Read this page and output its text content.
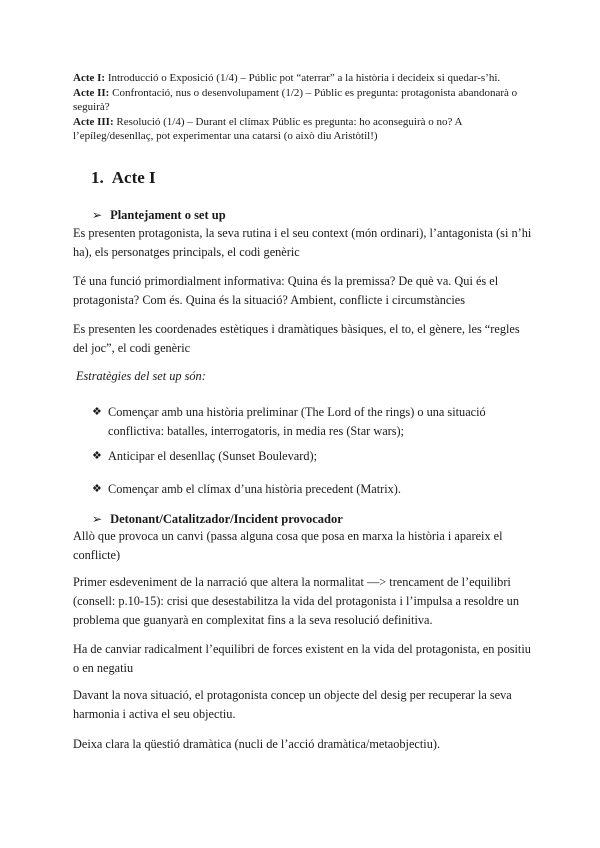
Acte I: Introducció o Exposició (1/4) – Públic pot “aterrar” a la història i decideix si quedar-s’hi.

Acte II: Confrontació, nus o desenvolupament (1/2) – Públic es pregunta: protagonista abandonarà o seguirà?

Acte III: Resolució (1/4) – Durant el clímax Públic es pregunta: ho aconseguirà o no? A l’epíleg/desenllaç, pot experimentar una catarsi (o això diu Aristòtil!)

1. Acte I
➢ Plantejament o set up

Es presenten protagonista, la seva rutina i el seu context (món ordinari), l’antagonista (si n’hi ha), els personatges principals, el codi genèric

Té una funció primordialment informativa: Quina és la premissa? De què va. Qui és el protagonista? Com és. Quina és la situació? Ambient, conflicte i circumstàncies

Es presenten les coordenades estètiques i dramàtiques bàsiques, el to, el gènere, les “regles del joc”, el codi genèric

Estratègies del set up són:
❖ Començar amb una història preliminar (The Lord of the rings) o una situació conflictiva: batalles, interrogatoris, in media res (Star wars);
❖ Anticipar el desenllaç (Sunset Boulevard);
❖ Començar amb el clímax d’una història precedent (Matrix).
➢ Detonant/Catalitzador/Incident provocador

Allò que provoca un canvi (passa alguna cosa que posa en marxa la història i apareix el conflicte)

Primer esdeveniment de la narració que altera la normalitat —> trencament de l’equilibri (consell: p.10-15): crisi que desestabilitza la vida del protagonista i l’impulsa a resoldre un problema que guanyarà en complexitat fins a la seva resolució definitiva.

Ha de canviar radicalment l’equilibri de forces existent en la vida del protagonista, en positiu o en negatiu

Davant la nova situació, el protagonista concep un objecte del desig per recuperar la seva harmonia i activa el seu objectiu.

Deixa clara la qüestió dramàtica (nucli de l’acció dramàtica/metaobjectiu).
